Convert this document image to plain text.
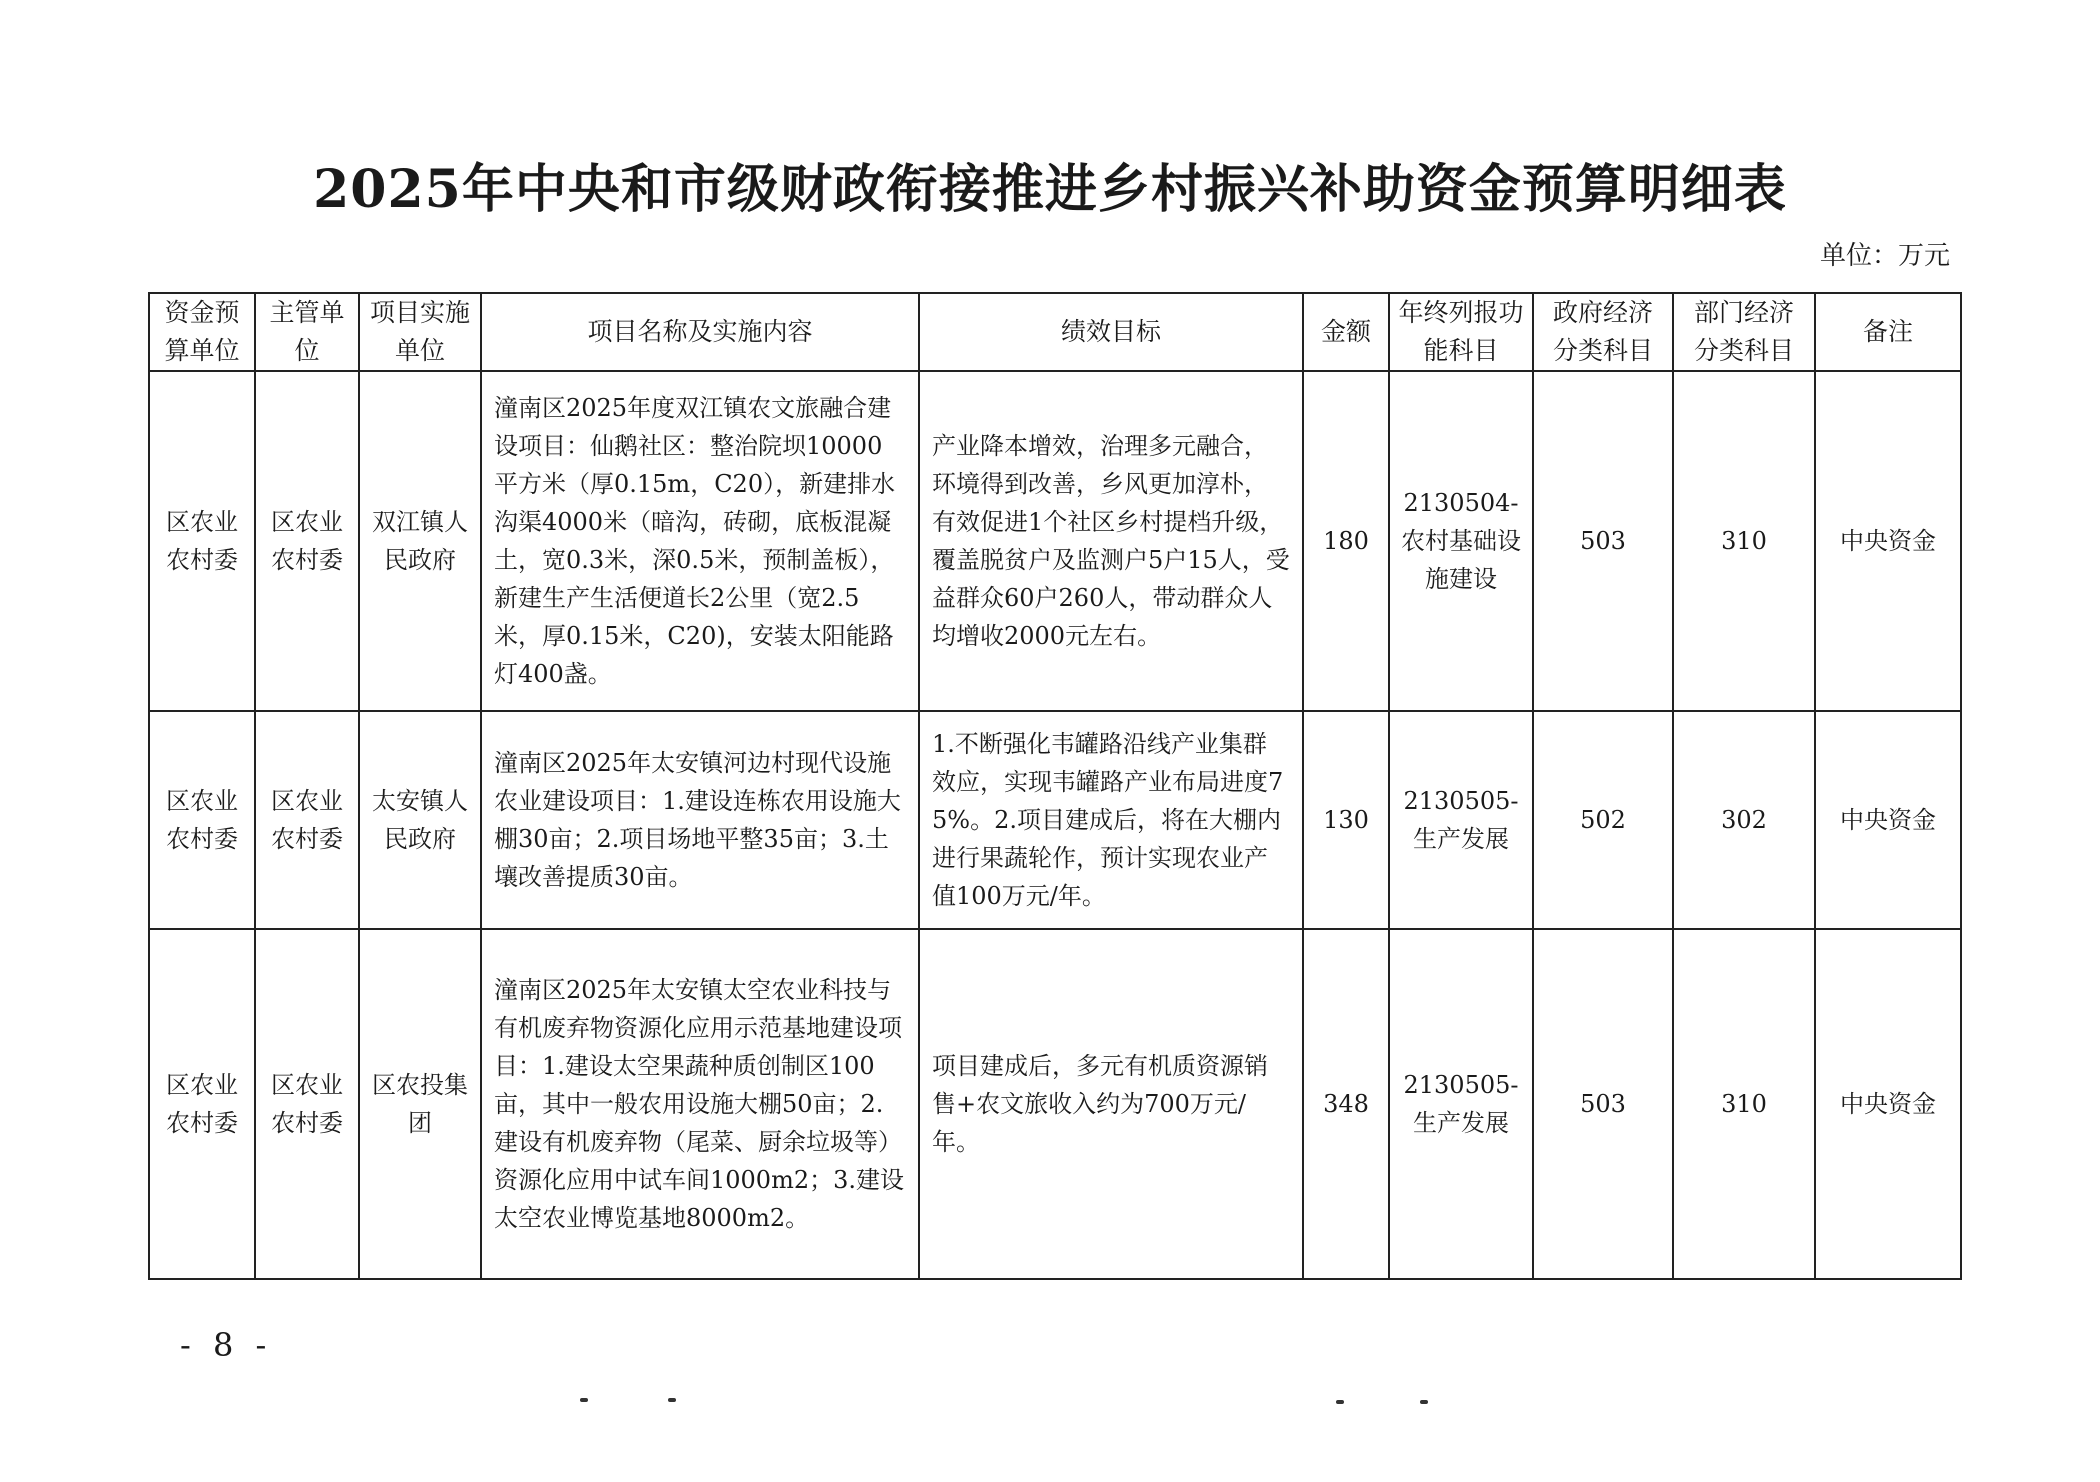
2025年中央和市级财政衔接推进乡村振兴补助资金预算明细表
单位：万元
资金预算单位	主管单位	项目实施单位	项目名称及实施内容	绩效目标	金额	年终列报功能科目	政府经济分类科目	部门经济分类科目	备注
区农业农村委	区农业农村委	双江镇人民政府	潼南区2025年度双江镇农文旅融合建设项目：仙鹅社区：整治院坝10000平方米（厚0.15m，C20），新建排水沟渠4000米（暗沟，砖砌，底板混凝土，宽0.3米，深0.5米，预制盖板），新建生产生活便道长2公里（宽2.5米，厚0.15米，C20)，安装太阳能路灯400盏。	产业降本增效，治理多元融合，环境得到改善，乡风更加淳朴，有效促进1个社区乡村提档升级，覆盖脱贫户及监测户5户15人，受益群众60户260人，带动群众人均增收2000元左右。	180	2130504-农村基础设施建设	503	310	中央资金
区农业农村委	区农业农村委	太安镇人民政府	潼南区2025年太安镇河边村现代设施农业建设项目：1.建设连栋农用设施大棚30亩；2.项目场地平整35亩；3.土壤改善提质30亩。	1.不断强化韦罐路沿线产业集群效应，实现韦罐路产业布局进度75%。2.项目建成后，将在大棚内进行果蔬轮作，预计实现农业产值100万元/年。	130	2130505-生产发展	502	302	中央资金
区农业农村委	区农业农村委	区农投集团	潼南区2025年太安镇太空农业科技与有机废弃物资源化应用示范基地建设项目：1.建设太空果蔬种质创制区100亩，其中一般农用设施大棚50亩；2.建设有机废弃物（尾菜、厨余垃圾等）资源化应用中试车间1000m2；3.建设太空农业博览基地8000m2。	项目建成后，多元有机质资源销售+农文旅收入约为700万元/年。	348	2130505-生产发展	503	310	中央资金
- 8 -
